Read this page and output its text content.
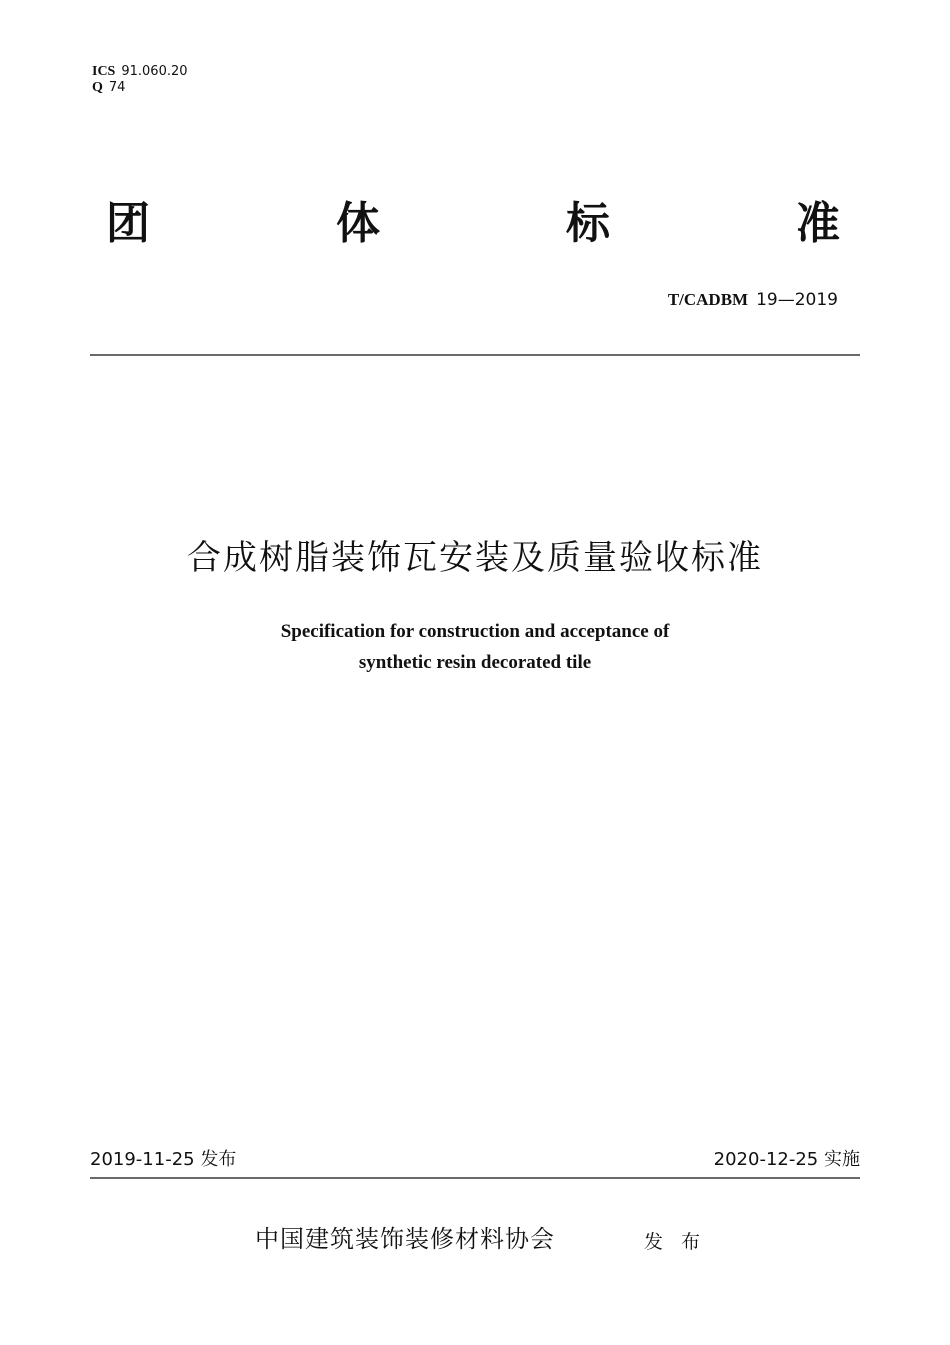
ICS 91.060.20
Q 74
团	体	标	准
T/CADBM 19—2019
合成树脂装饰瓦安装及质量验收标准
Specification for construction and acceptance of
synthetic resin decorated tile
2019-11-25 发布	2020-12-25 实施
中国建筑装饰装修材料协会	发 布
